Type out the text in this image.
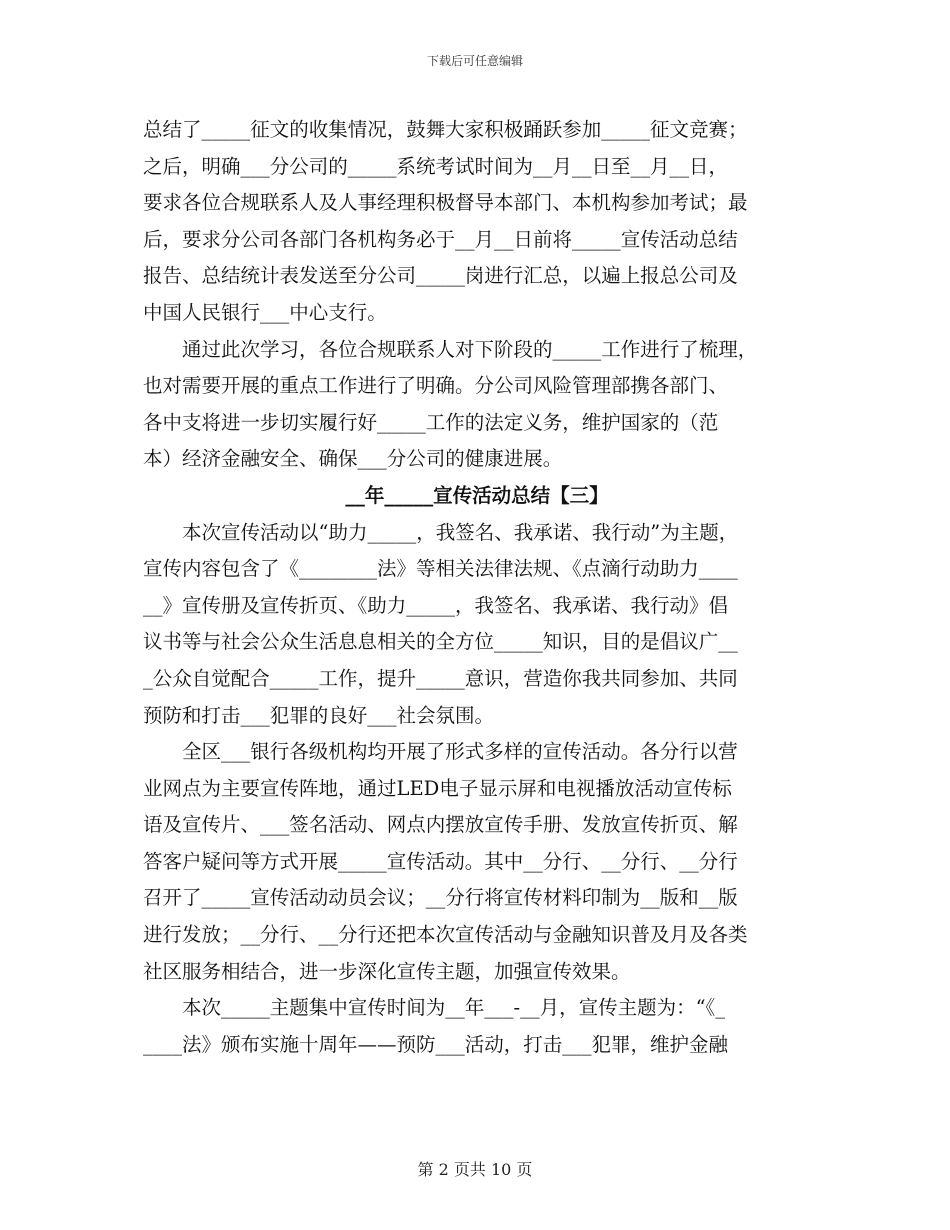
下载后可任意编辑
总结了_____征文的收集情况，鼓舞大家积极踊跃参加_____征文竞赛；
之后，明确___分公司的_____系统考试时间为__月__日至__月__日，
要求各位合规联系人及人事经理积极督导本部门、本机构参加考试；最
后，要求分公司各部门各机构务必于__月__日前将_____宣传活动总结
报告、总结统计表发送至分公司_____岗进行汇总，以遍上报总公司及
中国人民银行___中心支行。
　　通过此次学习，各位合规联系人对下阶段的_____工作进行了梳理，
也对需要开展的重点工作进行了明确。分公司风险管理部携各部门、
各中支将进一步切实履行好_____工作的法定义务，维护国家的（范
本）经济金融安全、确保___分公司的健康进展。
__年_____宣传活动总结【三】
　　本次宣传活动以“助力_____，我签名、我承诺、我行动”为主题，
宣传内容包含了《________法》等相关法律法规、《点滴行动助力____
__》宣传册及宣传折页、《助力_____，我签名、我承诺、我行动》倡
议书等与社会公众生活息息相关的全方位_____知识，目的是倡议广__
_公众自觉配合_____工作，提升_____意识，营造你我共同参加、共同
预防和打击___犯罪的良好___社会氛围。
　　全区___银行各级机构均开展了形式多样的宣传活动。各分行以营
业网点为主要宣传阵地，通过LED电子显示屏和电视播放活动宣传标
语及宣传片、___签名活动、网点内摆放宣传手册、发放宣传折页、解
答客户疑问等方式开展_____宣传活动。其中__分行、__分行、__分行
召开了_____宣传活动动员会议；__分行将宣传材料印制为__版和__版
进行发放；__分行、__分行还把本次宣传活动与金融知识普及月及各类
社区服务相结合，进一步深化宣传主题，加强宣传效果。
　　本次_____主题集中宣传时间为__年___-__月，宣传主题为：“《_
____法》颁布实施十周年——预防___活动，打击___犯罪，维护金融
第 2 页共 10 页
